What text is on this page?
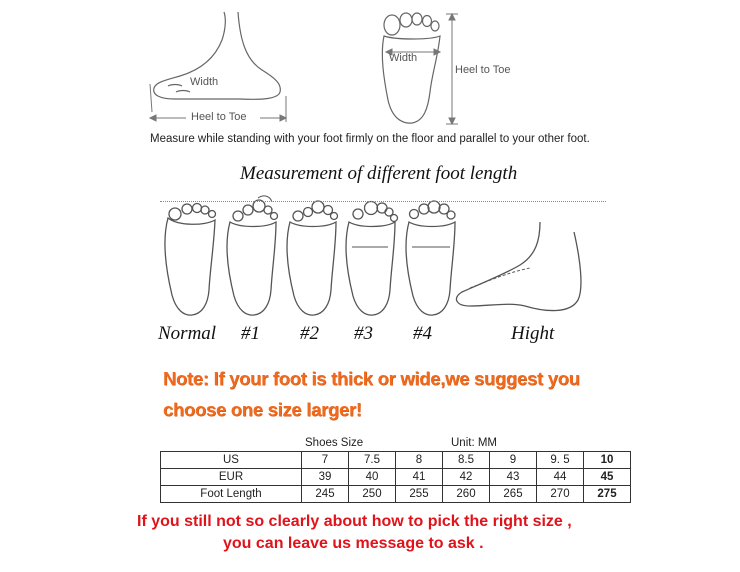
Width
Heel to Toe
Width
Heel to Toe
Measure while standing with your foot firmly on the floor and parallel to your other foot.
Measurement of different foot length
Normal #1 #2 #3 #4	Hight
Note: If your foot is thick or wide,we suggest you
choose one size larger!
Shoes Size	Unit: MM
US	7	7.5	8	8.5	9	9. 5	10
EUR	39	40	41	42	43	44	45
Foot Length	245	250	255	260	265	270	275
If you still not so clearly about how to pick the right size ,
you can leave us message to ask .
